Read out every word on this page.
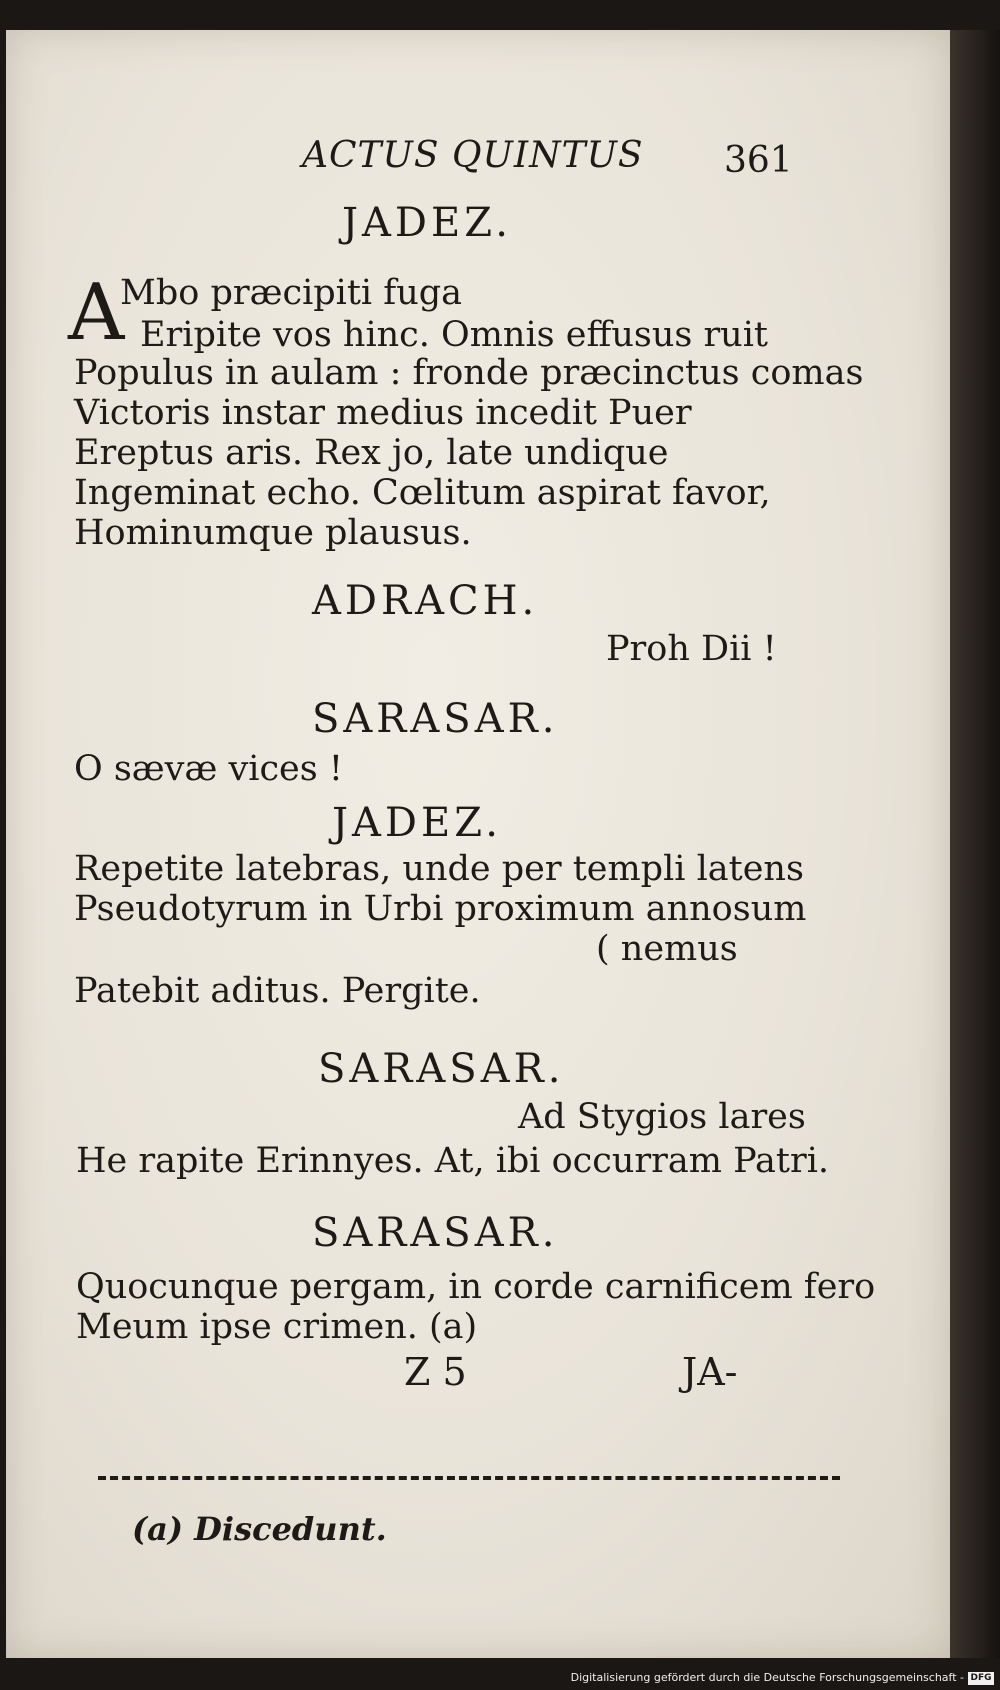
ACTUS QUINTUS 361

JADEZ.

A

Mbo præcipiti fuga

Eripite vos hinc. Omnis effusus ruit

Populus in aulam : fronde præcinctus comas

Victoris instar medius incedit Puer

Ereptus aris. Rex jo, late undique

Ingeminat echo. Cœlitum aspirat favor,

Hominumque plausus.

ADRACH.

Proh Dii !

SARASAR.

O sævæ vices !

JADEZ.

Repetite latebras, unde per templi latens

Pseudotyrum in Urbi proximum annosum

( nemus

Patebit aditus. Pergite.

SARASAR.

Ad Stygios lares

He rapite Erinnyes. At, ibi occurram Patri.

SARASAR.

Quocunque pergam, in corde carnificem fero

Meum ipse crimen. (a)

Z 5	JA-

(a) Discedunt.

Digitalisierung gefördert durch die Deutsche Forschungsgemeinschaft - DFG
